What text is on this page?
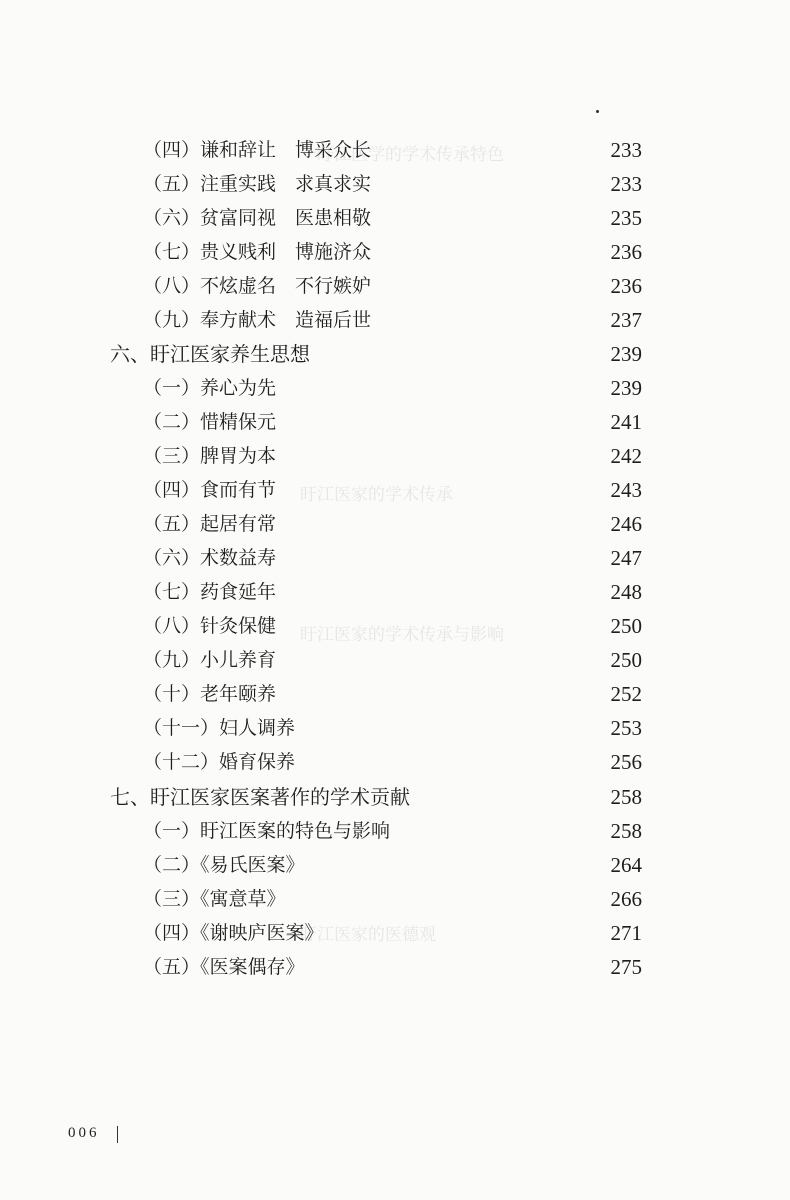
一盱江医学的学术传承特色
盱江医家的学术传承
盱江医家的学术传承与影响
盱江医家的医德观
（四）谦和辞让　博采众长	233
（五）注重实践　求真求实	233
（六）贫富同视　医患相敬	235
（七）贵义贱利　博施济众	236
（八）不炫虚名　不行嫉妒	236
（九）奉方献术　造福后世	237
六、盱江医家养生思想	239
（一）养心为先	239
（二）惜精保元	241
（三）脾胃为本	242
（四）食而有节	243
（五）起居有常	246
（六）术数益寿	247
（七）药食延年	248
（八）针灸保健	250
（九）小儿养育	250
（十）老年颐养	252
（十一）妇人调养	253
（十二）婚育保养	256
七、盱江医家医案著作的学术贡献	258
（一）盱江医案的特色与影响	258
（二）《易氏医案》	264
（三）《寓意草》	266
（四）《谢映庐医案》	271
（五）《医案偶存》	275
006
